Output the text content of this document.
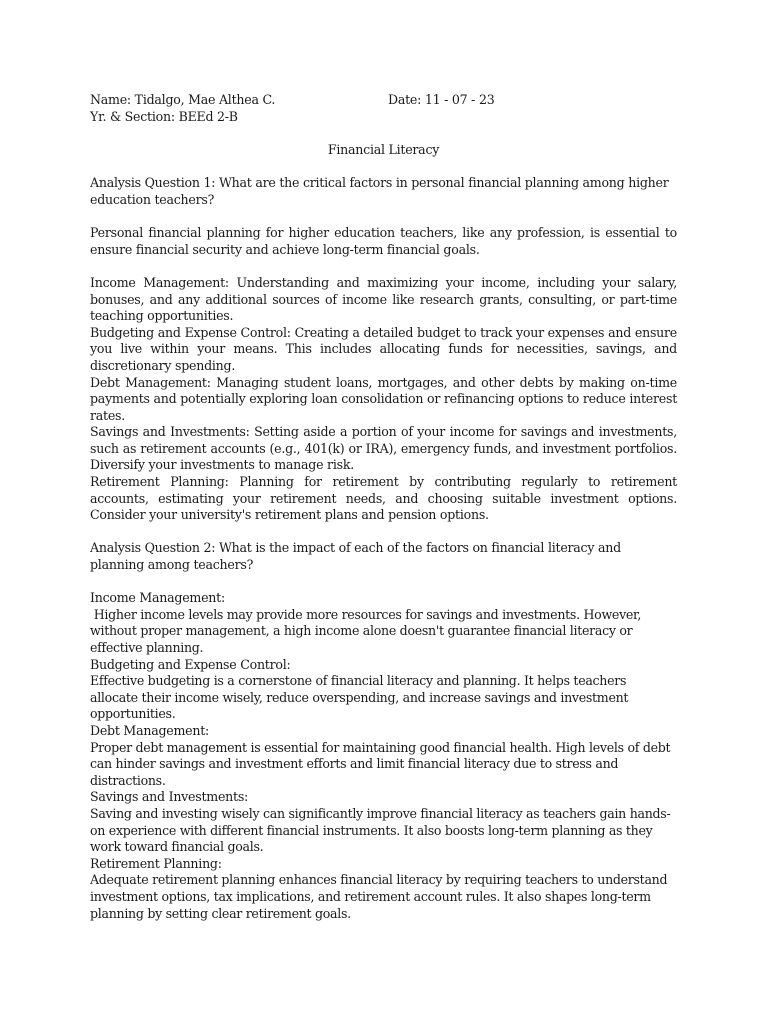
Name: Tidalgo, Mae Althea C.	Date: 11 - 07 - 23
Yr. & Section: BEEd 2-B
Financial Literacy
Analysis Question 1: What are the critical factors in personal financial planning among higher education teachers?
Personal financial planning for higher education teachers, like any profession, is essential to ensure financial security and achieve long-term financial goals.
Income Management: Understanding and maximizing your income, including your salary, bonuses, and any additional sources of income like research grants, consulting, or part-time teaching opportunities.
Budgeting and Expense Control: Creating a detailed budget to track your expenses and ensure you live within your means. This includes allocating funds for necessities, savings, and discretionary spending.
Debt Management: Managing student loans, mortgages, and other debts by making on-time payments and potentially exploring loan consolidation or refinancing options to reduce interest rates.
Savings and Investments: Setting aside a portion of your income for savings and investments, such as retirement accounts (e.g., 401(k) or IRA), emergency funds, and investment portfolios. Diversify your investments to manage risk.
Retirement Planning: Planning for retirement by contributing regularly to retirement accounts, estimating your retirement needs, and choosing suitable investment options. Consider your university's retirement plans and pension options.
Analysis Question 2: What is the impact of each of the factors on financial literacy and planning among teachers?
Income Management:
Higher income levels may provide more resources for savings and investments. However, without proper management, a high income alone doesn't guarantee financial literacy or effective planning.
Budgeting and Expense Control:
Effective budgeting is a cornerstone of financial literacy and planning. It helps teachers allocate their income wisely, reduce overspending, and increase savings and investment opportunities.
Debt Management:
Proper debt management is essential for maintaining good financial health. High levels of debt can hinder savings and investment efforts and limit financial literacy due to stress and distractions.
Savings and Investments:
Saving and investing wisely can significantly improve financial literacy as teachers gain hands-on experience with different financial instruments. It also boosts long-term planning as they work toward financial goals.
Retirement Planning:
Adequate retirement planning enhances financial literacy by requiring teachers to understand investment options, tax implications, and retirement account rules. It also shapes long-term planning by setting clear retirement goals.
